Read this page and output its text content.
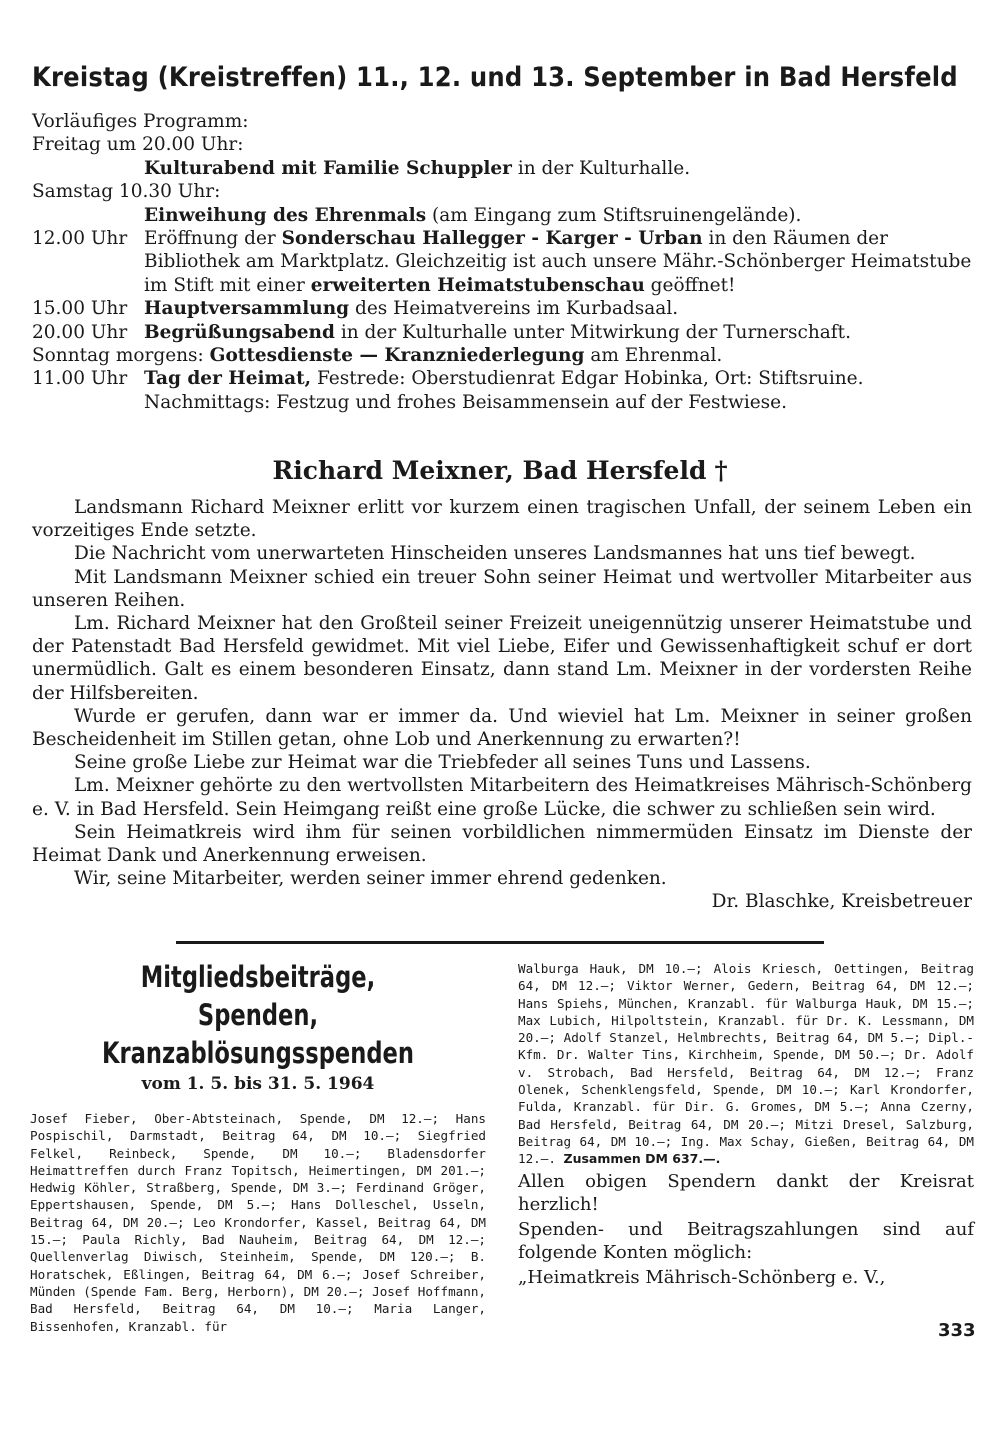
Kreistag (Kreistreffen) 11., 12. und 13. September in Bad Hersfeld
Vorläufiges Programm:
Freitag um 20.00 Uhr:
Kulturabend mit Familie Schuppler in der Kulturhalle.
Samstag 10.30 Uhr:
Einweihung des Ehrenmals (am Eingang zum Stiftsruinengelände).
12.00 Uhr Eröffnung der Sonderschau Hallegger - Karger - Urban in den Räumen der Bibliothek am Marktplatz. Gleichzeitig ist auch unsere Mähr.-Schönberger Heimatstube im Stift mit einer erweiterten Heimatstubenschau geöffnet!
15.00 Uhr Hauptversammlung des Heimatvereins im Kurbadsaal.
20.00 Uhr Begrüßungsabend in der Kulturhalle unter Mitwirkung der Turnerschaft.
Sonntag morgens: Gottesdienste — Kranzniederlegung am Ehrenmal.
11.00 Uhr Tag der Heimat, Festrede: Oberstudienrat Edgar Hobinka, Ort: Stiftsruine.
Nachmittags: Festzug und frohes Beisammensein auf der Festwiese.
Richard Meixner, Bad Hersfeld †

Landsmann Richard Meixner erlitt vor kurzem einen tragischen Unfall, der seinem Leben ein vorzeitiges Ende setzte.

Die Nachricht vom unerwarteten Hinscheiden unseres Landsmannes hat uns tief bewegt.

Mit Landsmann Meixner schied ein treuer Sohn seiner Heimat und wertvoller Mitarbeiter aus unseren Reihen.

Lm. Richard Meixner hat den Großteil seiner Freizeit uneigennützig unserer Heimatstube und der Patenstadt Bad Hersfeld gewidmet. Mit viel Liebe, Eifer und Gewissenhaftigkeit schuf er dort unermüdlich. Galt es einem besonderen Einsatz, dann stand Lm. Meixner in der vordersten Reihe der Hilfsbereiten.

Wurde er gerufen, dann war er immer da. Und wieviel hat Lm. Meixner in seiner großen Bescheidenheit im Stillen getan, ohne Lob und Anerkennung zu erwarten?!

Seine große Liebe zur Heimat war die Triebfeder all seines Tuns und Lassens.

Lm. Meixner gehörte zu den wertvollsten Mitarbeitern des Heimatkreises Mährisch-Schönberg e. V. in Bad Hersfeld. Sein Heimgang reißt eine große Lücke, die schwer zu schließen sein wird.

Sein Heimatkreis wird ihm für seinen vorbildlichen nimmermüden Einsatz im Dienste der Heimat Dank und Anerkennung erweisen.

Wir, seine Mitarbeiter, werden seiner immer ehrend gedenken.

Dr. Blaschke, Kreisbetreuer

Mitgliedsbeiträge, Spenden,
Kranzablösungsspenden
vom 1. 5. bis 31. 5. 1964
Josef Fieber, Ober-Abtsteinach, Spende, DM 12.—; Hans Pospischil, Darmstadt, Beitrag 64, DM 10.—; Siegfried Felkel, Reinbeck, Spende, DM 10.—; Bladensdorfer Heimattreffen durch Franz Topitsch, Heimertingen, DM 201.—; Hedwig Köhler, Straßberg, Spende, DM 3.—; Ferdinand Gröger, Eppertshausen, Spende, DM 5.—; Hans Dolleschel, Usseln, Beitrag 64, DM 20.—; Leo Krondorfer, Kassel, Beitrag 64, DM 15.—; Paula Richly, Bad Nauheim, Beitrag 64, DM 12.—; Quellenverlag Diwisch, Steinheim, Spende, DM 120.—; B. Horatschek, Eßlingen, Beitrag 64, DM 6.—; Josef Schreiber, Münden (Spende Fam. Berg, Herborn), DM 20.—; Josef Hoffmann, Bad Hersfeld, Beitrag 64, DM 10.—; Maria Langer, Bissenhofen, Kranzabl. für
Walburga Hauk, DM 10.—; Alois Kriesch, Oettingen, Beitrag 64, DM 12.—; Viktor Werner, Gedern, Beitrag 64, DM 12.—; Hans Spiehs, München, Kranzabl. für Walburga Hauk, DM 15.—; Max Lubich, Hilpoltstein, Kranzabl. für Dr. K. Lessmann, DM 20.—; Adolf Stanzel, Helmbrechts, Beitrag 64, DM 5.—; Dipl.-Kfm. Dr. Walter Tins, Kirchheim, Spende, DM 50.—; Dr. Adolf v. Strobach, Bad Hersfeld, Beitrag 64, DM 12.—; Franz Olenek, Schenklengsfeld, Spende, DM 10.—; Karl Krondorfer, Fulda, Kranzabl. für Dir. G. Gromes, DM 5.—; Anna Czerny, Bad Hersfeld, Beitrag 64, DM 20.—; Mitzi Dresel, Salzburg, Beitrag 64, DM 10.—; Ing. Max Schay, Gießen, Beitrag 64, DM 12.—. Zusammen DM 637.—.
Allen obigen Spendern dankt der Kreisrat herzlich!
Spenden- und Beitragszahlungen sind auf folgende Konten möglich:
„Heimatkreis Mährisch-Schönberg e. V.,
333
